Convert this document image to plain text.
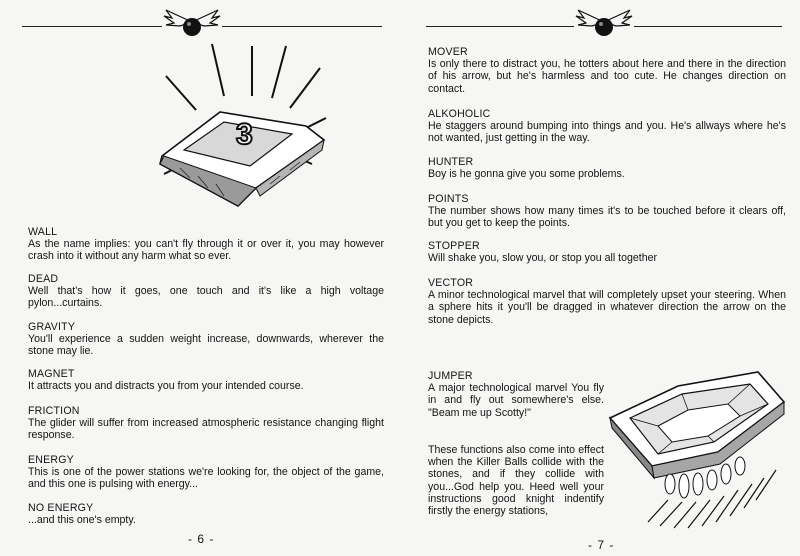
3
WALL
As the name implies: you can't fly through it or over it, you may however crash into it without any harm what so ever.
DEAD
Well that's how it goes, one touch and it's like a high voltage pylon...curtains.
GRAVITY
You'll experience a sudden weight increase, downwards, wherever the stone may lie.
MAGNET
It attracts you and distracts you from your intended course.
FRICTION
The glider will suffer from increased atmospheric resistance changing flight response.
ENERGY
This is one of the power stations we're looking for, the object of the game, and this one is pulsing with energy...
NO ENERGY
...and this one's empty.
- 6 -
MOVER
Is only there to distract you, he totters about here and there in the direction of his arrow, but he's harmless and too cute. He changes direction on contact.
ALKOHOLIC
He staggers around bumping into things and you. He's allways where he's not wanted, just getting in the way.
HUNTER
Boy is he gonna give you some problems.
POINTS
The number shows how many times it's to be touched before it clears off, but you get to keep the points.
STOPPER
Will shake you, slow you, or stop you all together
VECTOR
A minor technological marvel that will completely upset your steering. When a sphere hits it you'll be dragged in whatever direction the arrow on the stone depicts.
JUMPER
A major technological marvel You fly in and fly out somewhere's else. "Beam me up Scotty!"
These functions also come into effect when the Killer Balls collide with the stones, and if they collide with you...God help you. Heed well your instructions good knight indentify firstly the energy stations,
- 7 -
